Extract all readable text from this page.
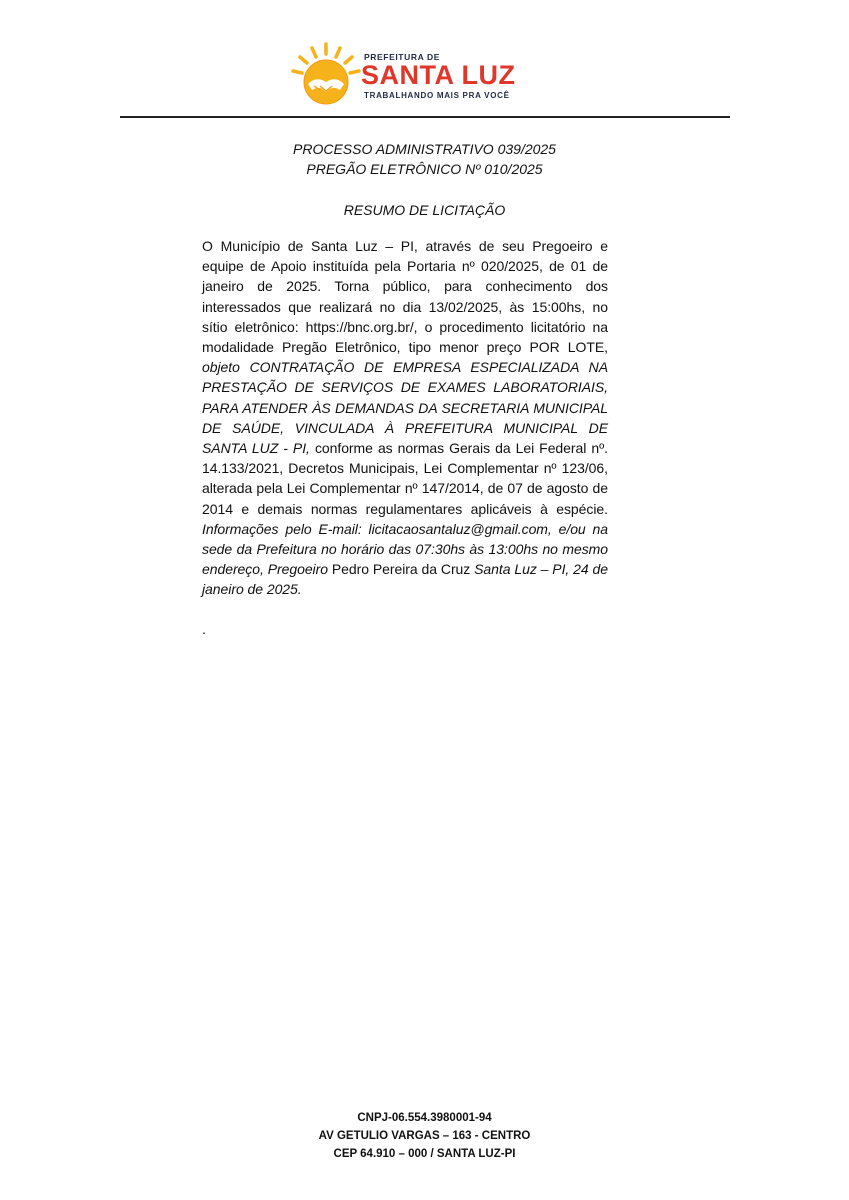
PREFEITURA DE
SANTA LUZ
TRABALHANDO MAIS PRA VOCÊ
PROCESSO ADMINISTRATIVO 039/2025
PREGÃO ELETRÔNICO Nº 010/2025
RESUMO DE LICITAÇÃO
O Município de Santa Luz – PI, através de seu Pregoeiro e equipe de Apoio instituída pela Portaria nº 020/2025, de 01 de janeiro de 2025. Torna público, para conhecimento dos interessados que realizará no dia 13/02/2025, às 15:00hs, no sítio eletrônico: https://bnc.org.br/, o procedimento licitatório na modalidade Pregão Eletrônico, tipo menor preço POR LOTE, objeto CONTRATAÇÃO DE EMPRESA ESPECIALIZADA NA PRESTAÇÃO DE SERVIÇOS DE EXAMES LABORATORIAIS, PARA ATENDER ÀS DEMANDAS DA SECRETARIA MUNICIPAL DE SAÚDE, VINCULADA À PREFEITURA MUNICIPAL DE SANTA LUZ - PI, conforme as normas Gerais da Lei Federal nº. 14.133/2021, Decretos Municipais, Lei Complementar nº 123/06, alterada pela Lei Complementar nº 147/2014, de 07 de agosto de 2014 e demais normas regulamentares aplicáveis à espécie. Informações pelo E-mail: licitacaosantaluz@gmail.com, e/ou na sede da Prefeitura no horário das 07:30hs às 13:00hs no mesmo endereço, Pregoeiro Pedro Pereira da Cruz Santa Luz – PI, 24 de janeiro de 2025.
.
CNPJ-06.554.3980001-94
AV GETULIO VARGAS – 163 - CENTRO
CEP 64.910 – 000 / SANTA LUZ-PI
